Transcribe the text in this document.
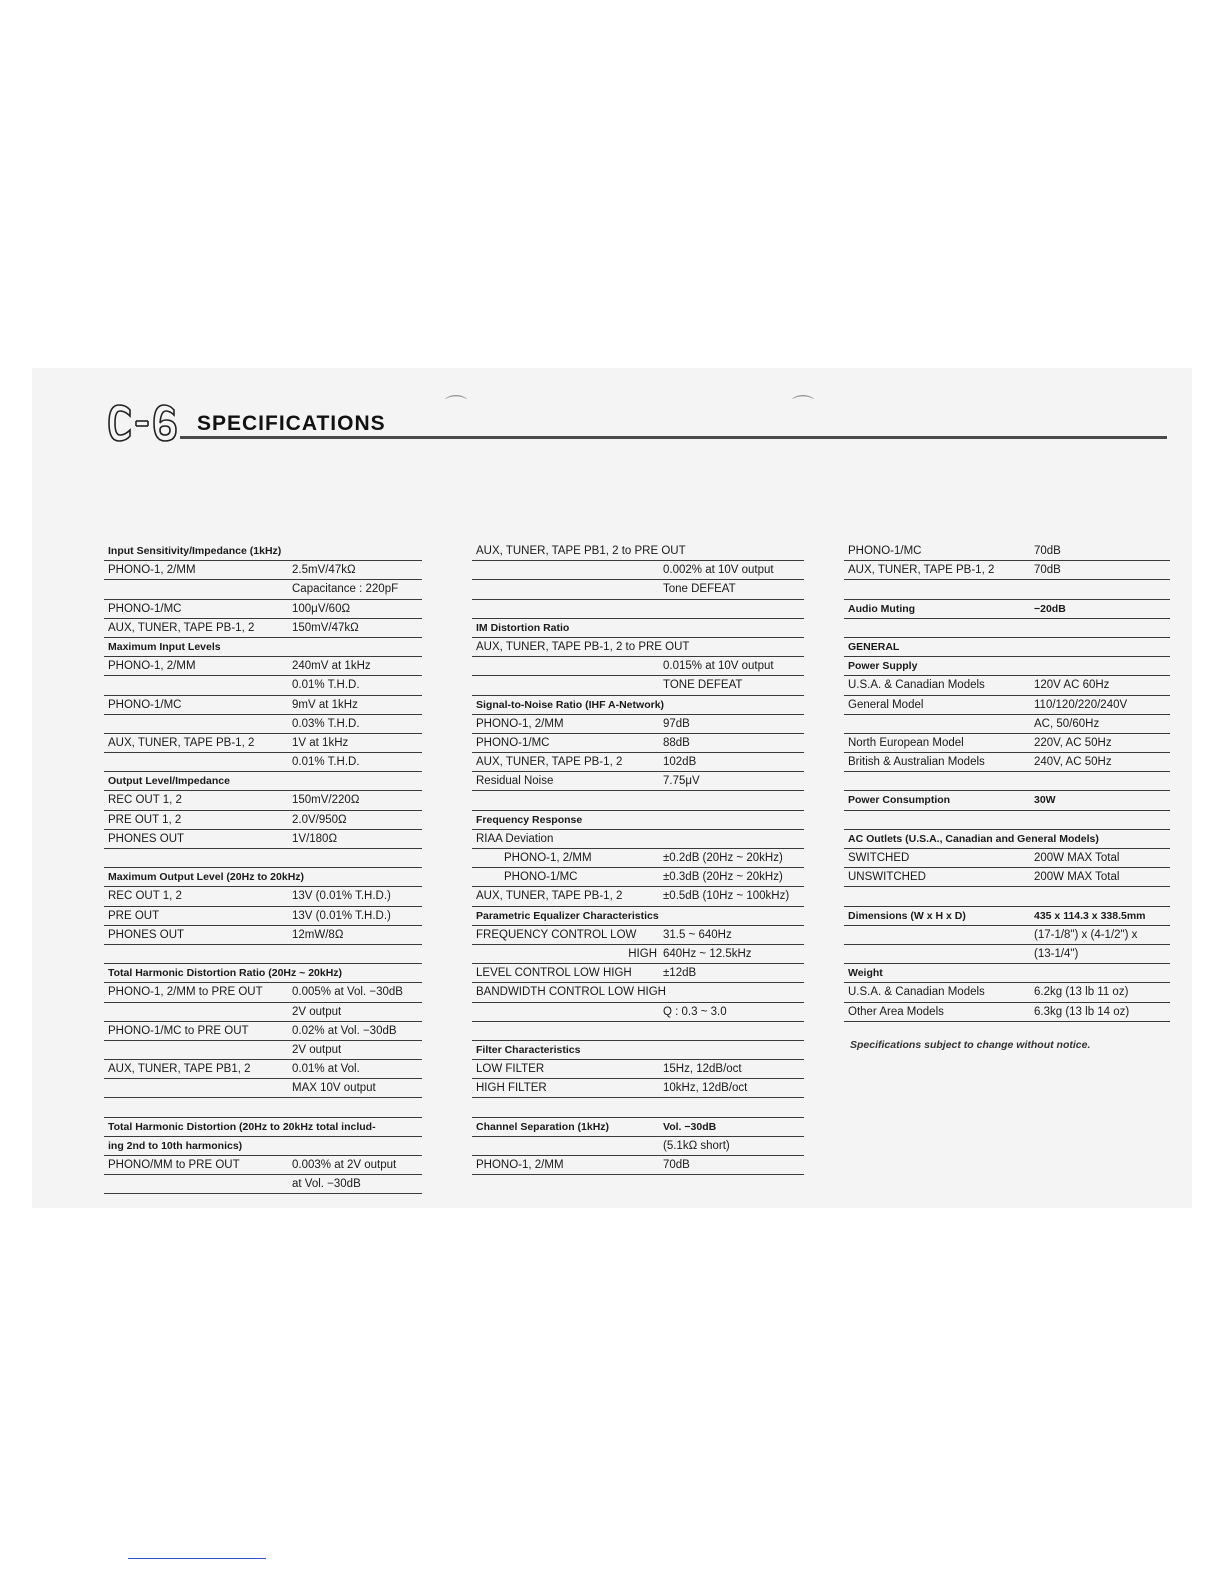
SPECIFICATIONS
⌒	⌒
Input Sensitivity/Impedance (1kHz)
PHONO-1, 2/MM	2.5mV/47kΩ
Capacitance : 220pF
PHONO-1/MC	100μV/60Ω
AUX, TUNER, TAPE PB-1, 2	150mV/47kΩ
Maximum Input Levels
PHONO-1, 2/MM	240mV at 1kHz
0.01% T.H.D.
PHONO-1/MC	9mV at 1kHz
0.03% T.H.D.
AUX, TUNER, TAPE PB-1, 2	1V at 1kHz
0.01% T.H.D.
Output Level/Impedance
REC OUT 1, 2	150mV/220Ω
PRE OUT 1, 2	2.0V/950Ω
PHONES OUT	1V/180Ω
Maximum Output Level (20Hz to 20kHz)
REC OUT 1, 2	13V (0.01% T.H.D.)
PRE OUT	13V (0.01% T.H.D.)
PHONES OUT	12mW/8Ω
Total Harmonic Distortion Ratio (20Hz ~ 20kHz)
PHONO-1, 2/MM to PRE OUT	0.005% at Vol. −30dB
2V output
PHONO-1/MC to PRE OUT	0.02% at Vol. −30dB
2V output
AUX, TUNER, TAPE PB1, 2	0.01% at Vol.
MAX 10V output
Total Harmonic Distortion (20Hz to 20kHz total includ-
ing 2nd to 10th harmonics)
PHONO/MM to PRE OUT	0.003% at 2V output
at Vol. −30dB
AUX, TUNER, TAPE PB1, 2 to PRE OUT
0.002% at 10V output
Tone DEFEAT
IM Distortion Ratio
AUX, TUNER, TAPE PB-1, 2 to PRE OUT
0.015% at 10V output
TONE DEFEAT
Signal-to-Noise Ratio (IHF A-Network)
PHONO-1, 2/MM	97dB
PHONO-1/MC	88dB
AUX, TUNER, TAPE PB-1, 2	102dB
Residual Noise	7.75μV
Frequency Response
RIAA Deviation
PHONO-1, 2/MM	±0.2dB (20Hz ~ 20kHz)
PHONO-1/MC	±0.3dB (20Hz ~ 20kHz)
AUX, TUNER, TAPE PB-1, 2	±0.5dB (10Hz ~ 100kHz)
Parametric Equalizer Characteristics
FREQUENCY CONTROL LOW 31.5 ~ 640Hz
HIGH 640Hz ~ 12.5kHz
LEVEL CONTROL LOW HIGH	±12dB
BANDWIDTH CONTROL LOW HIGH
Q : 0.3 ~ 3.0
Filter Characteristics
LOW FILTER	15Hz, 12dB/oct
HIGH FILTER	10kHz, 12dB/oct
Channel Separation (1kHz)	Vol. −30dB
(5.1kΩ short)
PHONO-1, 2/MM	70dB
PHONO-1/MC	70dB
AUX, TUNER, TAPE PB-1, 2	70dB
Audio Muting	−20dB
GENERAL
Power Supply
U.S.A. & Canadian Models	120V AC 60Hz
General Model	110/120/220/240V
AC, 50/60Hz
North European Model	220V, AC 50Hz
British & Australian Models	240V, AC 50Hz
Power Consumption	30W
AC Outlets (U.S.A., Canadian and General Models)
SWITCHED	200W MAX Total
UNSWITCHED	200W MAX Total
Dimensions (W x H x D)	435 x 114.3 x 338.5mm
(17-1/8") x (4-1/2") x
(13-1/4")
Weight
U.S.A. & Canadian Models	6.2kg (13 lb 11 oz)
Other Area Models	6.3kg (13 lb 14 oz)
Specifications subject to change without notice.
